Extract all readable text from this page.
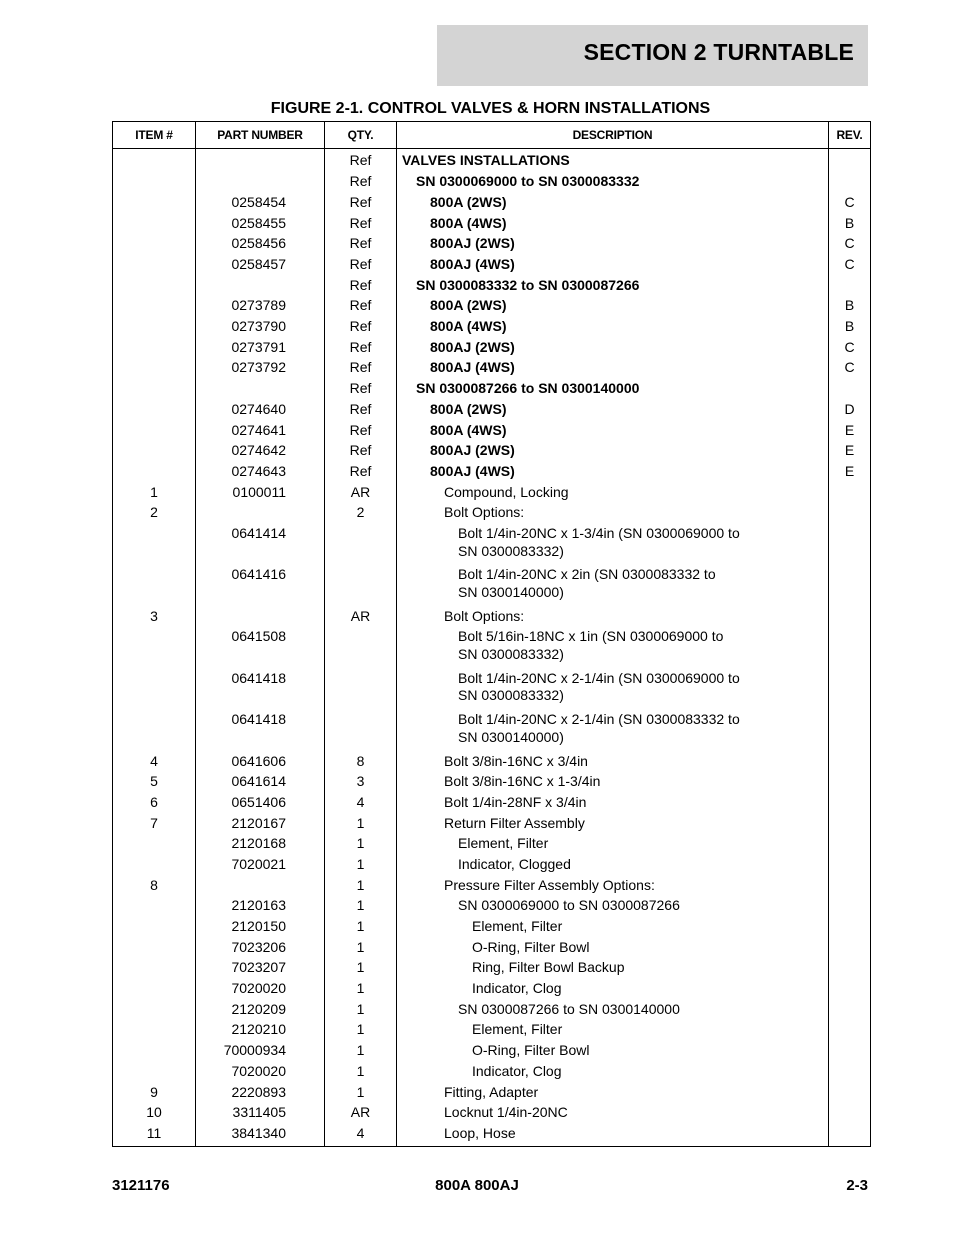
SECTION 2 TURNTABLE
FIGURE 2-1. CONTROL VALVES & HORN INSTALLATIONS
ITEM #	PART NUMBER	QTY.	DESCRIPTION	REV.
		Ref	VALVES INSTALLATIONS	

		Ref	SN 0300069000 to SN 0300083332	

	0258454	Ref	800A (2WS)	C
	0258455	Ref	800A (4WS)	B
	0258456	Ref	800AJ (2WS)	C
	0258457	Ref	800AJ (4WS)	C
		Ref	SN 0300083332 to SN 0300087266	

	0273789	Ref	800A (2WS)	B
	0273790	Ref	800A (4WS)	B
	0273791	Ref	800AJ (2WS)	C
	0273792	Ref	800AJ (4WS)	C
		Ref	SN 0300087266 to SN 0300140000	

	0274640	Ref	800A (2WS)	D
	0274641	Ref	800A (4WS)	E
	0274642	Ref	800AJ (2WS)	E
	0274643	Ref	800AJ (4WS)	E

1	0100011	AR	Compound, Locking	

2		2	Bolt Options:	

	0641414		Bolt 1/4in-20NC x 1-3/4in (SN 0300069000 to
SN 0300083332)	

	0641416		Bolt 1/4in-20NC x 2in (SN 0300083332 to
SN 0300140000)	

3		AR	Bolt Options:	

	0641508		Bolt 5/16in-18NC x 1in (SN 0300069000 to
SN 0300083332)	

	0641418		Bolt 1/4in-20NC x 2-1/4in (SN 0300069000 to
SN 0300083332)	

	0641418		Bolt 1/4in-20NC x 2-1/4in (SN 0300083332 to
SN 0300140000)	

4	0641606	8	Bolt 3/8in-16NC x 3/4in	

5	0641614	3	Bolt 3/8in-16NC x 1-3/4in	

6	0651406	4	Bolt 1/4in-28NF x 3/4in	

7	2120167	1	Return Filter Assembly	

	2120168	1	Element, Filter	

	7020021	1	Indicator, Clogged	

8		1	Pressure Filter Assembly Options:	

	2120163	1	SN 0300069000 to SN 0300087266	

	2120150	1	Element, Filter	

	7023206	1	O-Ring, Filter Bowl	

	7023207	1	Ring, Filter Bowl Backup	

	7020020	1	Indicator, Clog	

	2120209	1	SN 0300087266 to SN 0300140000	

	2120210	1	Element, Filter	

	70000934	1	O-Ring, Filter Bowl	

	7020020	1	Indicator, Clog	

9	2220893	1	Fitting, Adapter	

10	3311405	AR	Locknut 1/4in-20NC	

11	3841340	4	Loop, Hose	

3121176	800A 800AJ	2-3
